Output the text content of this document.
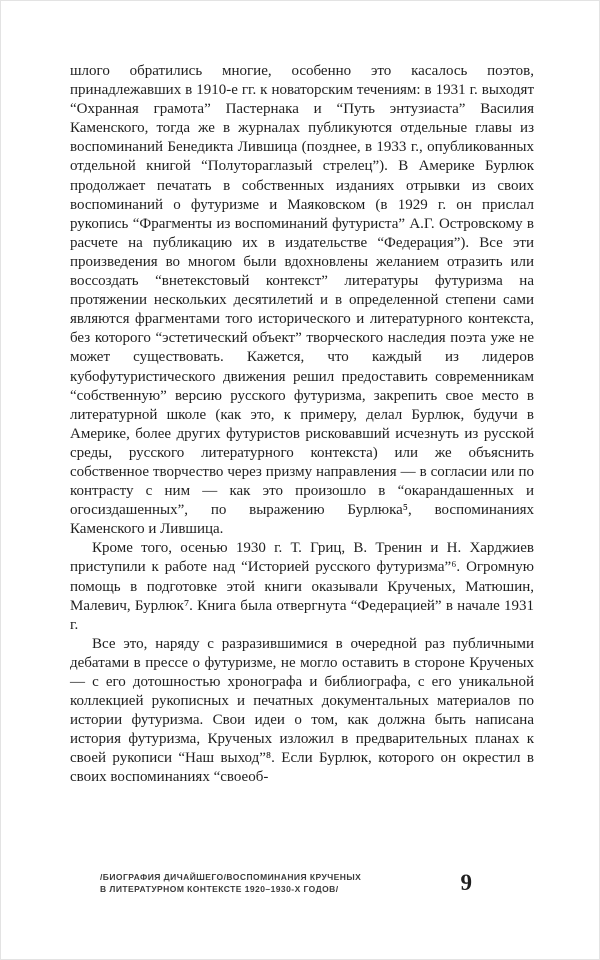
шлого обратились многие, особенно это касалось поэтов, принадлежавших в 1910-е гг. к новаторским течениям: в 1931 г. выходят “Охранная грамота” Пастернака и “Путь энтузиаста” Василия Каменского, тогда же в журналах публикуются отдельные главы из воспоминаний Бенедикта Лившица (позднее, в 1933 г., опубликованных отдельной книгой “Полутораглазый стрелец”). В Америке Бурлюк продолжает печатать в собственных изданиях отрывки из своих воспоминаний о футуризме и Маяковском (в 1929 г. он прислал рукопись “Фрагменты из воспоминаний футуриста” А.Г. Островскому в расчете на публикацию их в издательстве “Федерация”). Все эти произведения во многом были вдохновлены желанием отразить или воссоздать “внетекстовый контекст” литературы футуризма на протяжении нескольких десятилетий и в определенной степени сами являются фрагментами того исторического и литературного контекста, без которого “эстетический объект” творческого наследия поэта уже не может существовать. Кажется, что каждый из лидеров кубофутуристического движения решил предоставить современникам “собственную” версию русского футуризма, закрепить свое место в литературной школе (как это, к примеру, делал Бурлюк, будучи в Америке, более других футуристов рисковавший исчезнуть из русской среды, русского литературного контекста) или же объяснить собственное творчество через призму направления — в согласии или по контрасту с ним — как это произошло в “окарандашенных и огосиздашенных”, по выражению Бурлюка⁵, воспоминаниях Каменского и Лившица.

Кроме того, осенью 1930 г. Т. Гриц, В. Тренин и Н. Харджиев приступили к работе над “Историей русского футуризма”⁶. Огромную помощь в подготовке этой книги оказывали Крученых, Матюшин, Малевич, Бурлюк⁷. Книга была отвергнута “Федерацией” в начале 1931 г.

Все это, наряду с разразившимися в очередной раз публичными дебатами в прессе о футуризме, не могло оставить в стороне Крученых — с его дотошностью хронографа и библиографа, с его уникальной коллекцией рукописных и печатных документальных материалов по истории футуризма. Свои идеи о том, как должна быть написана история футуризма, Крученых изложил в предварительных планах к своей рукописи “Наш выход”⁸. Если Бурлюк, которого он окрестил в своих воспоминаниях “своеоб-

/БИОГРАФИЯ ДИЧАЙШЕГО/ВОСПОМИНАНИЯ КРУЧЕНЫХ
В ЛИТЕРАТУРНОМ КОНТЕКСТЕ 1920–1930-Х ГОДОВ/	9
